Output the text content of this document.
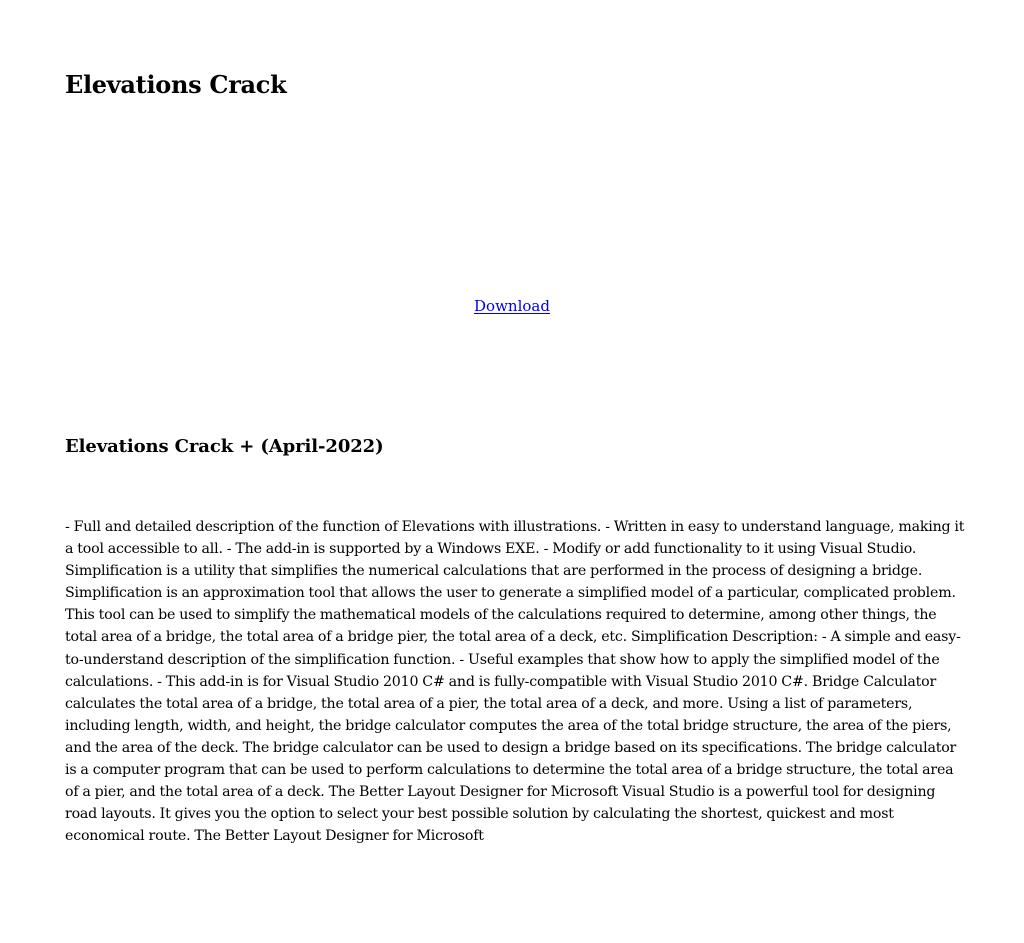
Elevations Crack
Download
Elevations Crack + (April-2022)

- Full and detailed description of the function of Elevations with illustrations. - Written in easy to understand language, making it a tool accessible to all. - The add-in is supported by a Windows EXE. - Modify or add functionality to it using Visual Studio. Simplification is a utility that simplifies the numerical calculations that are performed in the process of designing a bridge. Simplification is an approximation tool that allows the user to generate a simplified model of a particular, complicated problem. This tool can be used to simplify the mathematical models of the calculations required to determine, among other things, the total area of a bridge, the total area of a bridge pier, the total area of a deck, etc. Simplification Description: - A simple and easy-to-understand description of the simplification function. - Useful examples that show how to apply the simplified model of the calculations. - This add-in is for Visual Studio 2010 C# and is fully-compatible with Visual Studio 2010 C#. Bridge Calculator calculates the total area of a bridge, the total area of a pier, the total area of a deck, and more. Using a list of parameters, including length, width, and height, the bridge calculator computes the area of the total bridge structure, the area of the piers, and the area of the deck. The bridge calculator can be used to design a bridge based on its specifications. The bridge calculator is a computer program that can be used to perform calculations to determine the total area of a bridge structure, the total area of a pier, and the total area of a deck. The Better Layout Designer for Microsoft Visual Studio is a powerful tool for designing road layouts. It gives you the option to select your best possible solution by calculating the shortest, quickest and most economical route. The Better Layout Designer for Microsoft
